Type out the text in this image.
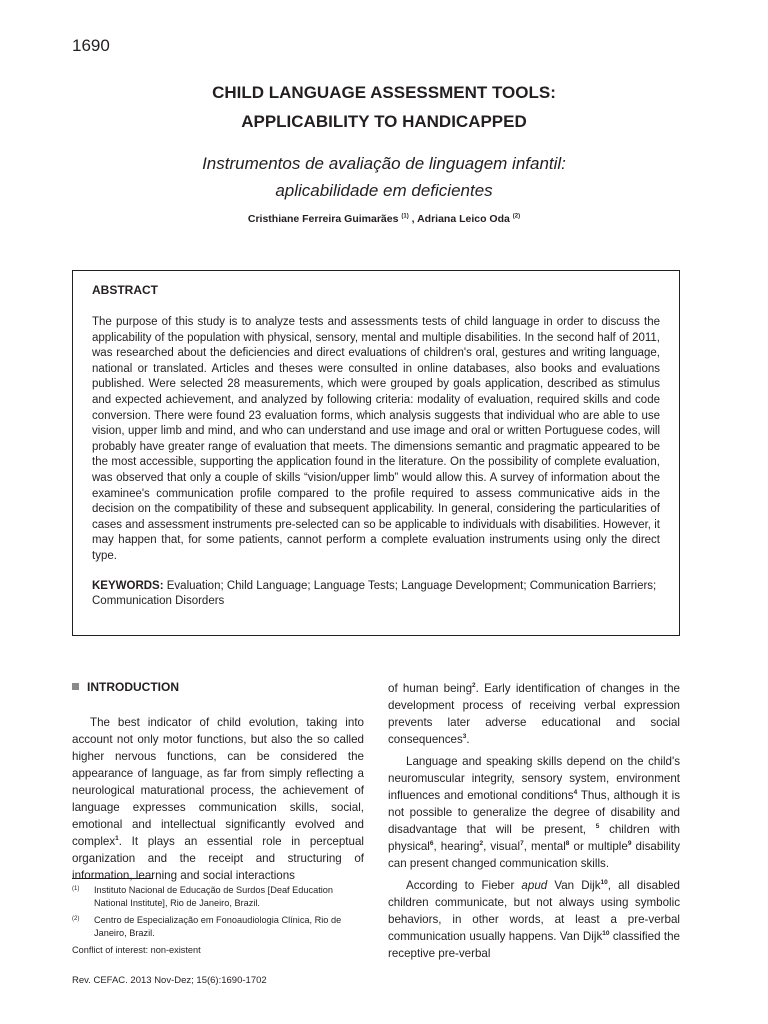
1690
CHILD LANGUAGE ASSESSMENT TOOLS:
APPLICABILITY TO HANDICAPPED
Instrumentos de avaliação de linguagem infantil:
aplicabilidade em deficientes
Cristhiane Ferreira Guimarães $^{(1)}$ , Adriana Leico Oda $^{(2)}$
ABSTRACT

The purpose of this study is to analyze tests and assessments tests of child language in order to discuss the applicability of the population with physical, sensory, mental and multiple disabilities. In the second half of 2011, was researched about the deficiencies and direct evaluations of children's oral, gestures and writing language, national or translated. Articles and theses were consulted in online databases, also books and evaluations published. Were selected 28 measurements, which were grouped by goals application, described as stimulus and expected achievement, and analyzed by following criteria: modality of evaluation, required skills and code conversion. There were found 23 evaluation forms, which analysis suggests that individual who are able to use vision, upper limb and mind, and who can understand and use image and oral or written Portuguese codes, will probably have greater range of evaluation that meets. The dimensions semantic and pragmatic appeared to be the most accessible, supporting the application found in the literature. On the possibility of complete evaluation, was observed that only a couple of skills “vision/upper limb” would allow this. A survey of information about the examinee's communication profile compared to the profile required to assess communicative aids in the decision on the compatibility of these and subsequent applicability. In general, considering the particularities of cases and assessment instruments pre-selected can so be applicable to individuals with disabilities. However, it may happen that, for some patients, cannot perform a complete evaluation instruments using only the direct type.

KEYWORDS: Evaluation; Child Language; Language Tests; Language Development; Communication Barriers; Communication Disorders

INTRODUCTION

The best indicator of child evolution, taking into account not only motor functions, but also the so called higher nervous functions, can be considered the appearance of language, as far from simply reflecting a neurological maturational process, the achievement of language expresses communication skills, social, emotional and intellectual significantly evolved and complex$^1$. It plays an essential role in perceptual organization and the receipt and structuring of information, learning and social interactions

of human being$^2$. Early identification of changes in the development process of receiving verbal expression prevents later adverse educational and social consequences$^3$.

Language and speaking skills depend on the child's neuromuscular integrity, sensory system, environment influences and emotional conditions$^4$ Thus, although it is not possible to generalize the degree of disability and disadvantage that will be present, $^5$ children with physical$^6$, hearing$^2$, visual$^7$, mental$^8$ or multiple$^9$ disability can present changed communication skills.

According to Fieber apud Van Dijk$^{10}$, all disabled children communicate, but not always using symbolic behaviors, in other words, at least a pre-verbal communication usually happens. Van Dijk$^{10}$ classified the receptive pre-verbal

(1)	Instituto Nacional de Educação de Surdos [Deaf Education National Institute], Rio de Janeiro, Brazil.
(2)	Centro de Especialização em Fonoaudiologia Clínica, Rio de Janeiro, Brazil.
Conflict of interest: non-existent
Rev. CEFAC. 2013 Nov-Dez; 15(6):1690-1702
